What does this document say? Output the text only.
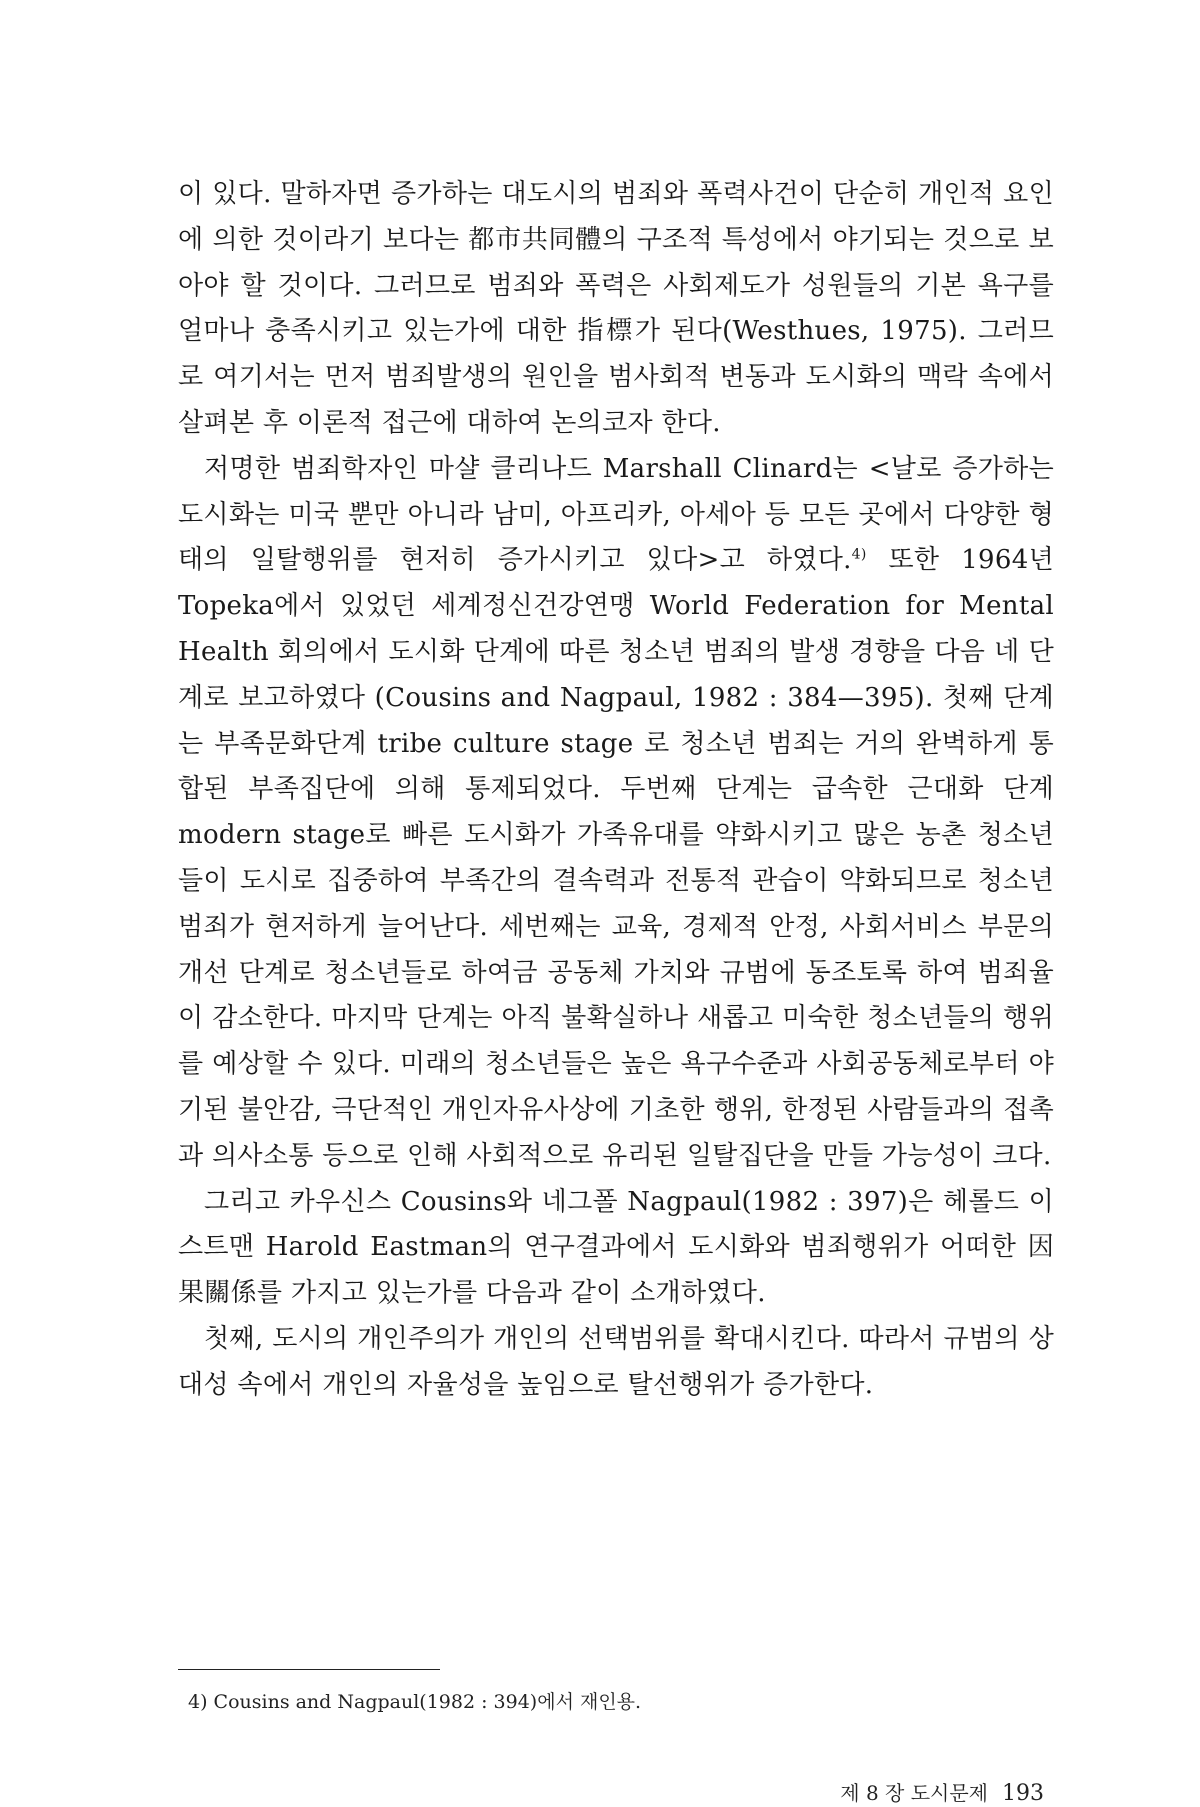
이 있다. 말하자면 증가하는 대도시의 범죄와 폭력사건이 단순히 개인적 요인에 의한 것이라기 보다는 都市共同體의 구조적 특성에서 야기되는 것으로 보아야 할 것이다. 그러므로 범죄와 폭력은 사회제도가 성원들의 기본 욕구를 얼마나 충족시키고 있는가에 대한 指標가 된다(Westhues, 1975). 그러므로 여기서는 먼저 범죄발생의 원인을 범사회적 변동과 도시화의 맥락 속에서 살펴본 후 이론적 접근에 대하여 논의코자 한다.

저명한 범죄학자인 마샬 클리나드 Marshall Clinard는 <날로 증가하는 도시화는 미국 뿐만 아니라 남미, 아프리카, 아세아 등 모든 곳에서 다양한 형태의 일탈행위를 현저히 증가시키고 있다>고 하였다.$^{4)}$ 또한 1964년 Topeka에서 있었던 세계정신건강연맹 World Federation for Mental Health 회의에서 도시화 단계에 따른 청소년 범죄의 발생 경향을 다음 네 단계로 보고하였다 (Cousins and Nagpaul, 1982 : 384—395). 첫째 단계는 부족문화단계 tribe culture stage 로 청소년 범죄는 거의 완벽하게 통합된 부족집단에 의해 통제되었다. 두번째 단계는 급속한 근대화 단계 modern stage로 빠른 도시화가 가족유대를 약화시키고 많은 농촌 청소년들이 도시로 집중하여 부족간의 결속력과 전통적 관습이 약화되므로 청소년 범죄가 현저하게 늘어난다. 세번째는 교육, 경제적 안정, 사회서비스 부문의 개선 단계로 청소년들로 하여금 공동체 가치와 규범에 동조토록 하여 범죄율이 감소한다. 마지막 단계는 아직 불확실하나 새롭고 미숙한 청소년들의 행위를 예상할 수 있다. 미래의 청소년들은 높은 욕구수준과 사회공동체로부터 야기된 불안감, 극단적인 개인자유사상에 기초한 행위, 한정된 사람들과의 접촉과 의사소통 등으로 인해 사회적으로 유리된 일탈집단을 만들 가능성이 크다.

그리고 카우신스 Cousins와 네그폴 Nagpaul(1982 : 397)은 헤롤드 이스트맨 Harold Eastman의 연구결과에서 도시화와 범죄행위가 어떠한 因果關係를 가지고 있는가를 다음과 같이 소개하였다.

첫째, 도시의 개인주의가 개인의 선택범위를 확대시킨다. 따라서 규범의 상대성 속에서 개인의 자율성을 높임으로 탈선행위가 증가한다.

4) Cousins and Nagpaul(1982 : 394)에서 재인용.
제 8 장 도시문제 193
